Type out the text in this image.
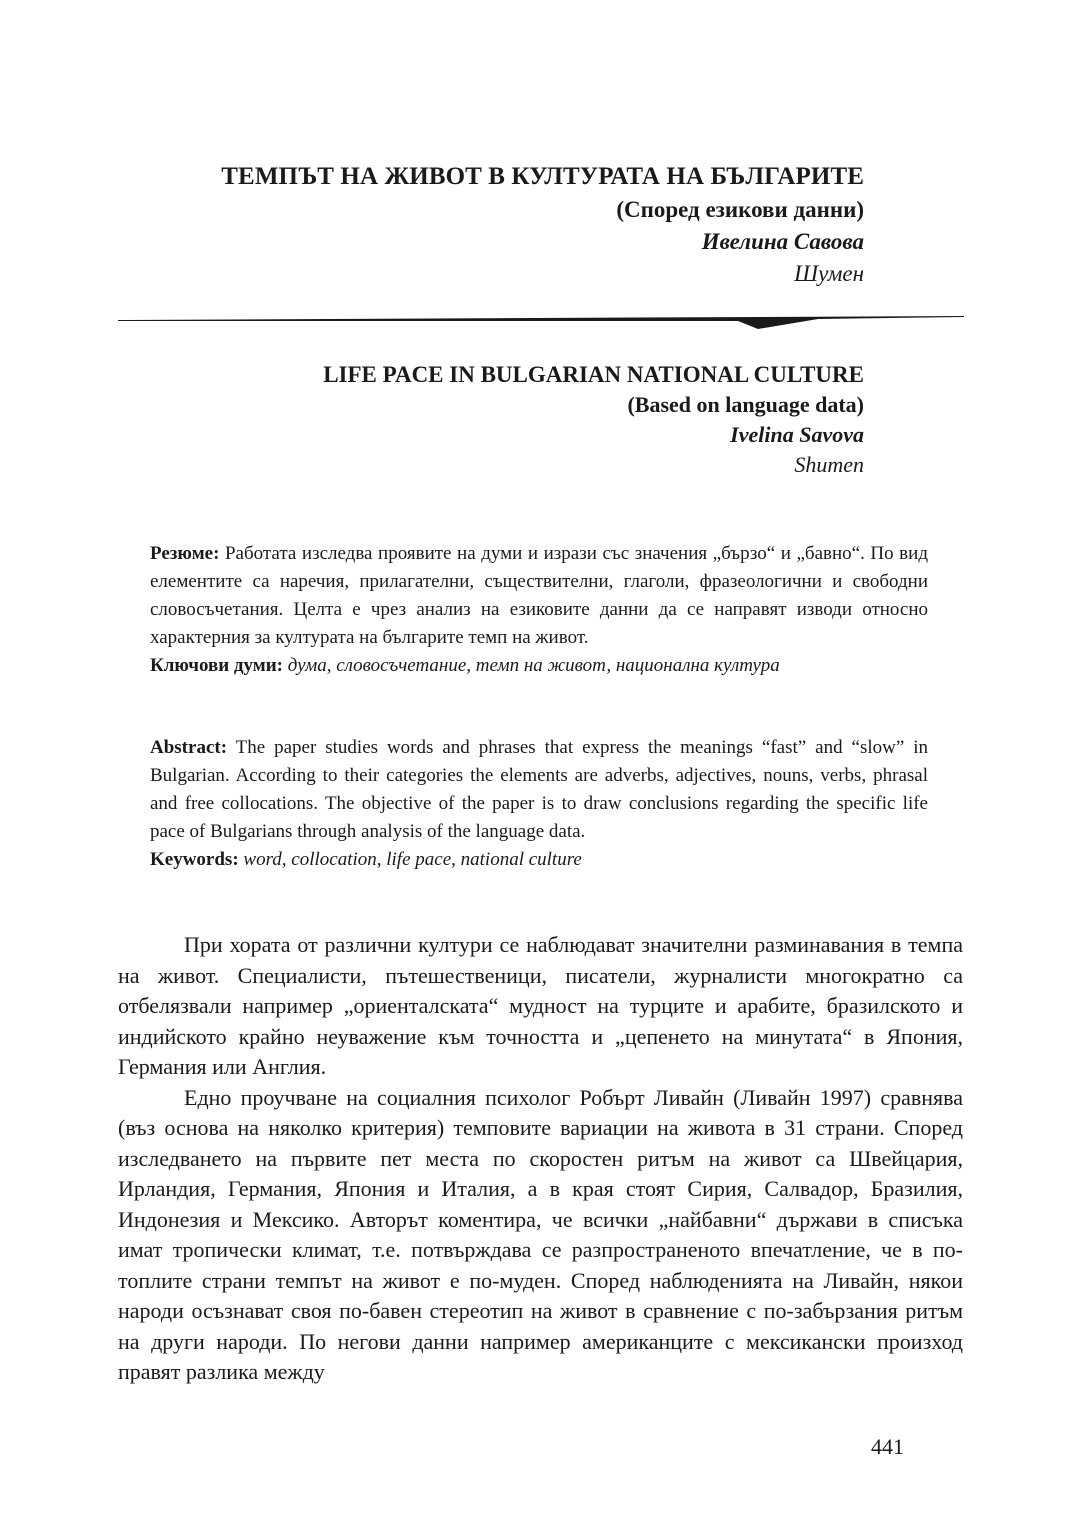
ТЕМПЪТ НА ЖИВОТ В КУЛТУРАТА НА БЪЛГАРИТЕ
(Според езикови данни)
Ивелина Савова
Шумен
LIFE PACE IN BULGARIAN NATIONAL CULTURE
(Based on language data)
Ivelina Savova
Shumen

Резюме: Работата изследва проявите на думи и изрази със значения „бързо“ и „бавно“. По вид елементите са наречия, прилагателни, съществителни, глаголи, фразеологични и свободни словосъчетания. Целта е чрез анализ на езиковите данни да се направят изводи относно характерния за културата на българите темп на живот.

Ключови думи: дума, словосъчетание, темп на живот, национална култура

Abstract: The paper studies words and phrases that express the meanings “fast” and “slow” in Bulgarian. According to their categories the elements are adverbs, adjectives, nouns, verbs, phrasal and free collocations. The objective of the paper is to draw conclusions regarding the specific life pace of Bulgarians through analysis of the language data.

Keywords: word, collocation, life pace, national culture

При хората от различни култури се наблюдават значителни разминавания в темпа на живот. Специалисти, пътешественици, писатели, журналисти многократно са отбелязвали например „ориенталската“ мудност на турците и арабите, бразилското и индийското крайно неуважение към точността и „цепенето на минутата“ в Япония, Германия или Англия.

Едно проучване на социалния психолог Робърт Ливайн (Ливайн 1997) сравнява (въз основа на няколко критерия) темповите вариации на живота в 31 страни. Според изследването на първите пет места по скоростен ритъм на живот са Швейцария, Ирландия, Германия, Япония и Италия, а в края стоят Сирия, Салвадор, Бразилия, Индонезия и Мексико. Авторът коментира, че всички „найбавни“ държави в списъка имат тропически климат, т.е. потвърждава се разпространеното впечатление, че в по-топлите страни темпът на живот е по-муден. Според наблюденията на Ливайн, някои народи осъзнават своя по-бавен стереотип на живот в сравнение с по-забързания ритъм на други народи. По негови данни например американците с мексикански произход правят разлика между

441
